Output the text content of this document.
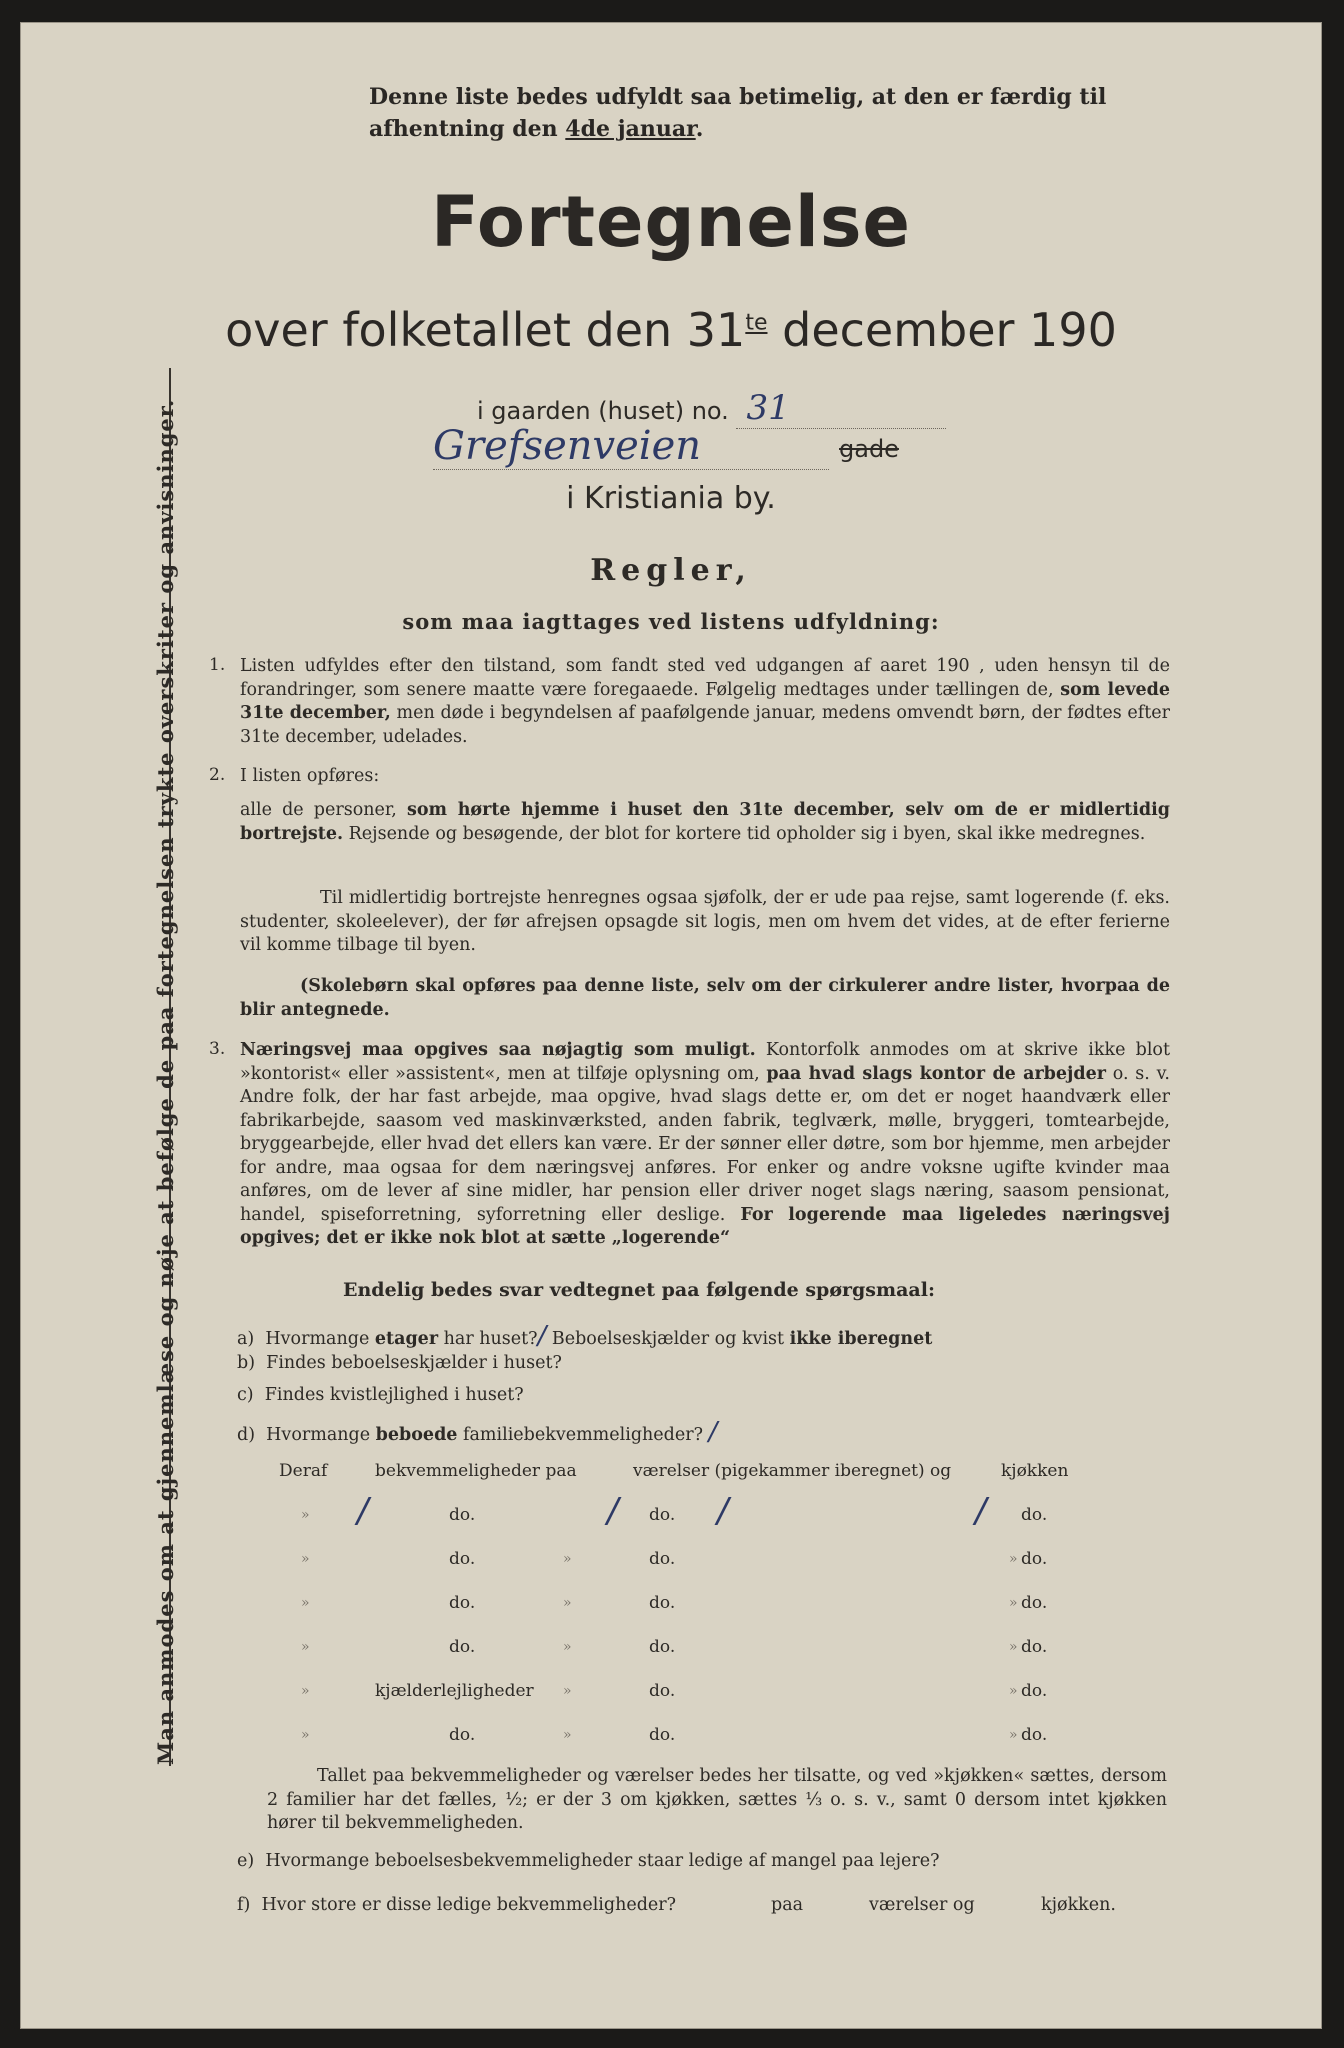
Denne liste bedes udfyldt saa betimelig, at den er færdig til
afhentning den 4de januar.
Fortegnelse
over folketallet den $31^{te}$ december 190
i gaarden (huset) no. 31
Grefsenveien	gade
i Kristiania by.
Regler,
som maa iagttages ved listens udfyldning:
1. Listen udfyldes efter den tilstand, som fandt sted ved udgangen af aaret 190 , uden hensyn til de forandringer, som senere maatte være foregaaede. Følgelig medtages under tællingen de, som levede 31te december, men døde i begyndelsen af paafølgende januar, medens omvendt børn, der fødtes efter 31te december, udelades.
2. I listen opføres:
alle de personer, som hørte hjemme i huset den 31te december, selv om de er midlertidig bortrejste. Rejsende og besøgende, der blot for kortere tid opholder sig i byen, skal ikke medregnes.
Til midlertidig bortrejste henregnes ogsaa sjøfolk, der er ude paa rejse, samt logerende (f. eks. studenter, skoleelever), der før afrejsen opsagde sit logis, men om hvem det vides, at de efter ferierne vil komme tilbage til byen.
(Skolebørn skal opføres paa denne liste, selv om der cirkulerer andre lister, hvorpaa de blir antegnede.
3. Næringsvej maa opgives saa nøjagtig som muligt. Kontorfolk anmodes om at skrive ikke blot »kontorist« eller »assistent«, men at tilføje oplysning om, paa hvad slags kontor de arbejder o. s. v. Andre folk, der har fast arbejde, maa opgive, hvad slags dette er, om det er noget haandværk eller fabrikarbejde, saasom ved maskinværksted, anden fabrik, teglværk, mølle, bryggeri, tomtearbejde, bryggearbejde, eller hvad det ellers kan være. Er der sønner eller døtre, som bor hjemme, men arbejder for andre, maa ogsaa for dem næringsvej anføres. For enker og andre voksne ugifte kvinder maa anføres, om de lever af sine midler, har pension eller driver noget slags næring, saasom pensionat, handel, spiseforretning, syforretning eller deslige. For logerende maa ligeledes næringsvej opgives; det er ikke nok blot at sætte „logerende“
Endelig bedes svar vedtegnet paa følgende spørgsmaal:
a) Hvormange etager har huset?/ Beboelseskjælder og kvist ikke iberegnet
b) Findes beboelseskjælder i huset?
c) Findes kvistlejlighed i huset?
d) Hvormange beboede familiebekvemmeligheder? /
Deraf	bekvemmeligheder paa	værelser (pigekammer iberegnet) og	kjøkken
» /	do.	/ do. /	/ do.
»	do.	»	do.	» do.
»	do.	»	do.	» do.
»	do.	»	do.	» do.
»	kjælderlejligheder »	do.	» do.
»	do.	»	do.	» do.
Tallet paa bekvemmeligheder og værelser bedes her tilsatte, og ved »kjøkken« sættes, dersom 2 familier har det fælles, ½; er der 3 om kjøkken, sættes ⅓ o. s. v., samt 0 dersom intet kjøkken hører til bekvemmeligheden.
e) Hvormange beboelsesbekvemmeligheder staar ledige af mangel paa lejere?
f) Hvor store er disse ledige bekvemmeligheder?	paa	værelser og	kjøkken.
Man anmodes om at gjennemlæse og nøje at befølge de paa fortegnelsen trykte overskriter og anvisninger.
